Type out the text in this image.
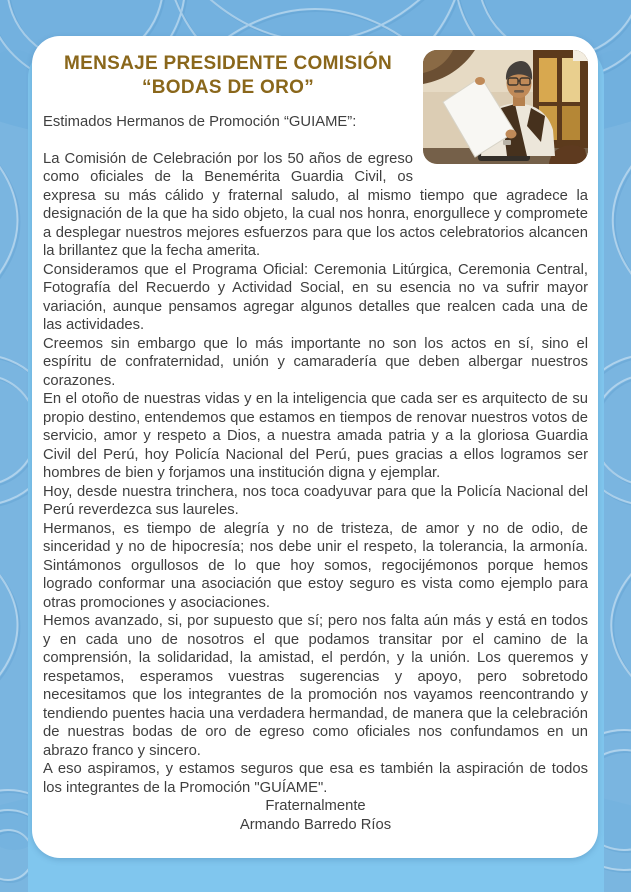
MENSAJE PRESIDENTE COMISIÓN
“BODAS DE ORO”

Estimados Hermanos de Promoción “GUIAME”:

La Comisión de Celebración por los 50 años de egreso como oficiales de la Benemérita Guardia Civil, os expresa su más cálido y fraternal saludo, al mismo tiempo que agradece la designación de la que ha sido objeto, la cual nos honra, enorgullece y compromete a desplegar nuestros mejores esfuerzos para que los actos celebratorios alcancen la brillantez que la fecha amerita.

Consideramos que el Programa Oficial: Ceremonia Litúrgica, Ceremonia Central, Fotografía del Recuerdo y Actividad Social, en su esencia no va sufrir mayor variación, aunque pensamos agregar algunos detalles que realcen cada una de las actividades.

Creemos sin embargo que lo más importante no son los actos en sí, sino el espíritu de confraternidad, unión y camaradería que deben albergar nuestros corazones.

En el otoño de nuestras vidas y en la inteligencia que cada ser es arquitecto de su propio destino, entendemos que estamos en tiempos de renovar nuestros votos de servicio, amor y respeto a Dios, a nuestra amada patria y a la gloriosa Guardia Civil del Perú, hoy Policía Nacional del Perú, pues gracias a ellos logramos ser hombres de bien y forjamos una institución digna y ejemplar.

Hoy, desde nuestra trinchera, nos toca coadyuvar para que la Policía Nacional del Perú reverdezca sus laureles.

Hermanos, es tiempo de alegría y no de tristeza, de amor y no de odio, de sinceridad y no de hipocresía; nos debe unir el respeto, la tolerancia, la armonía. Sintámonos orgullosos de lo que hoy somos, regocijémonos porque hemos logrado conformar una asociación que estoy seguro es vista como ejemplo para otras promociones y asociaciones.

Hemos avanzado, si, por supuesto que sí; pero nos falta aún más y está en todos y en cada uno de nosotros el que podamos transitar por el camino de la comprensión, la solidaridad, la amistad, el perdón, y la unión. Los queremos y respetamos, esperamos vuestras sugerencias y apoyo, pero sobretodo necesitamos que los integrantes de la promoción nos vayamos reencontrando y tendiendo puentes hacia una verdadera hermandad, de manera que la celebración de nuestras bodas de oro de egreso como oficiales nos confundamos en un abrazo franco y sincero.

A eso aspiramos, y estamos seguros que esa es también la aspiración de todos los integrantes de la Promoción "GUÍAME".

Fraternalmente
Armando Barredo Ríos
